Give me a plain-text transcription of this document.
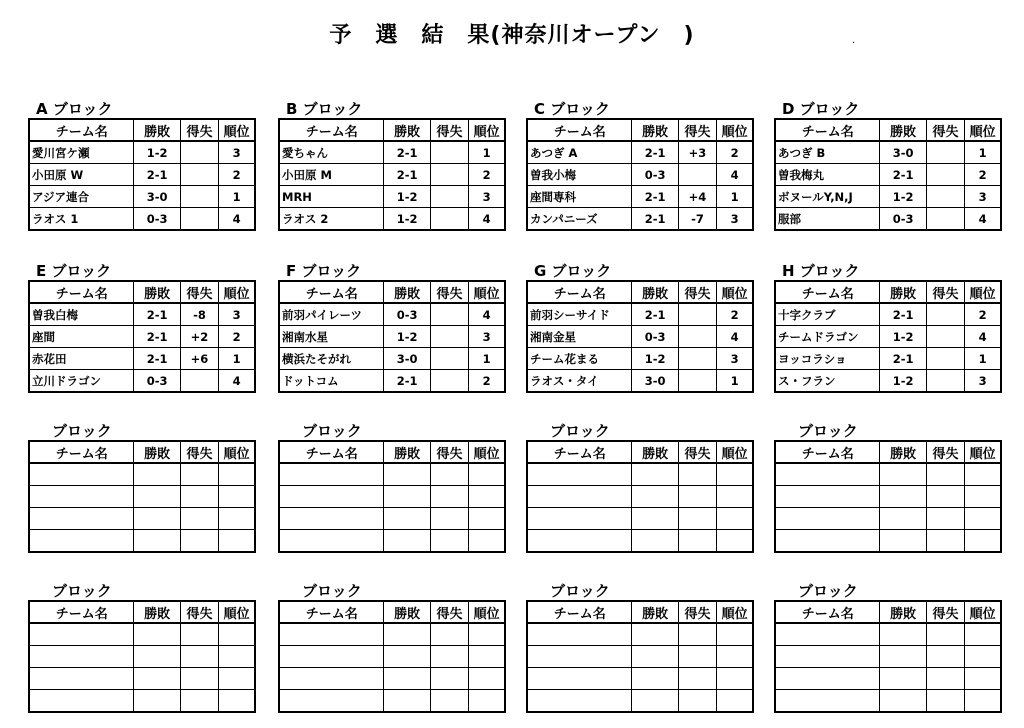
予　選　結　果(神奈川オープン　)	·
A ブロック
チーム名	勝敗	得失	順位
愛川宮ケ瀬	1-2		3
小田原 W	2-1		2
アジア連合	3-0		1
ラオス 1	0-3		4
B ブロック
チーム名	勝敗	得失	順位
愛ちゃん	2-1		1
小田原 M	2-1		2
MRH	1-2		3
ラオス 2	1-2		4
C ブロック
チーム名	勝敗	得失	順位
あつぎ A	2-1	+3	2
曽我小梅	0-3		4
座間専科	2-1	+4	1
カンパニーズ	2-1	-7	3
D ブロック
チーム名	勝敗	得失	順位
あつぎ B	3-0		1
曽我梅丸	2-1		2
ボヌールY,N,J	1-2		3
服部	0-3		4
E ブロック
チーム名	勝敗	得失	順位
曽我白梅	2-1	-8	3
座間	2-1	+2	2
赤花田	2-1	+6	1
立川ドラゴン	0-3		4
F ブロック
チーム名	勝敗	得失	順位
前羽パイレーツ	0-3		4
湘南水星	1-2		3
横浜たそがれ	3-0		1
ドットコム	2-1		2
G ブロック
チーム名	勝敗	得失	順位
前羽シーサイド	2-1		2
湘南金星	0-3		4
チーム花まる	1-2		3
ラオス・タイ	3-0		1
H ブロック
チーム名	勝敗	得失	順位
十字クラブ	2-1		2
チームドラゴン	1-2		4
ヨッコラショ	2-1		1
ス・フラン	1-2		3
ブロック
チーム名	勝敗	得失	順位

ブロック
チーム名	勝敗	得失	順位

ブロック
チーム名	勝敗	得失	順位

ブロック
チーム名	勝敗	得失	順位

ブロック
チーム名	勝敗	得失	順位

ブロック
チーム名	勝敗	得失	順位

ブロック
チーム名	勝敗	得失	順位

ブロック
チーム名	勝敗	得失	順位
